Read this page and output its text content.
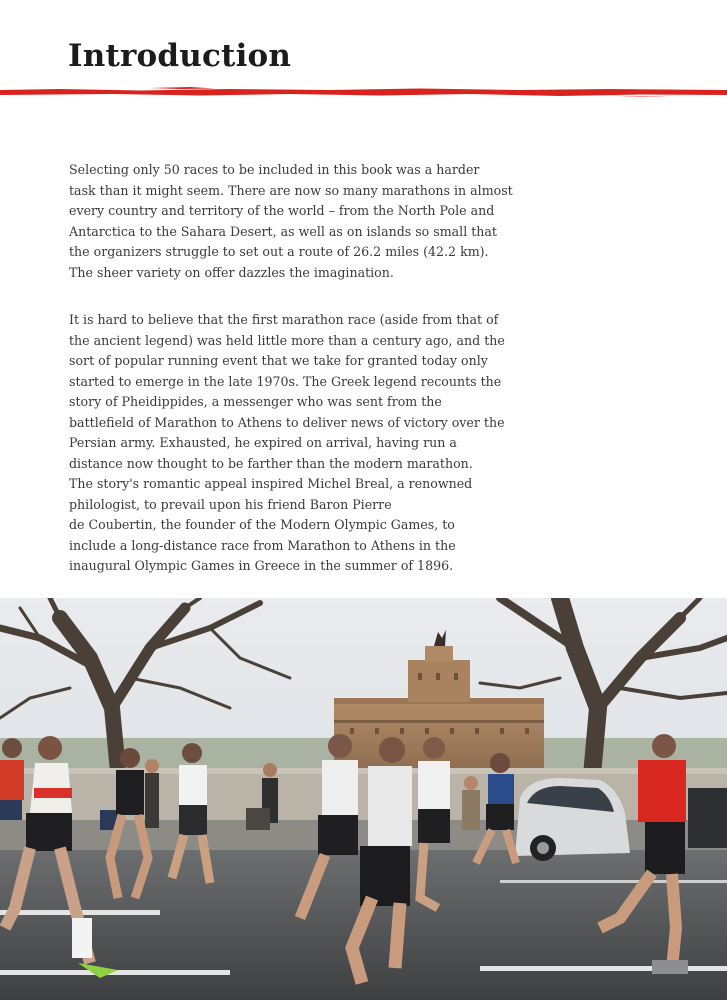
Introduction
Selecting only 50 races to be included in this book was a harder
task than it might seem. There are now so many marathons in almost
every country and territory of the world – from the North Pole and
Antarctica to the Sahara Desert, as well as on islands so small that
the organizers struggle to set out a route of 26.2 miles (42.2 km).
The sheer variety on offer dazzles the imagination.
It is hard to believe that the first marathon race (aside from that of
the ancient legend) was held little more than a century ago, and the
sort of popular running event that we take for granted today only
started to emerge in the late 1970s. The Greek legend recounts the
story of Pheidippides, a messenger who was sent from the
battlefield of Marathon to Athens to deliver news of victory over the
Persian army. Exhausted, he expired on arrival, having run a
distance now thought to be farther than the modern marathon.
The story's romantic appeal inspired Michel Breal, a renowned
philologist, to prevail upon his friend Baron Pierre
de Coubertin, the founder of the Modern Olympic Games, to
include a long-distance race from Marathon to Athens in the
inaugural Olympic Games in Greece in the summer of 1896.
